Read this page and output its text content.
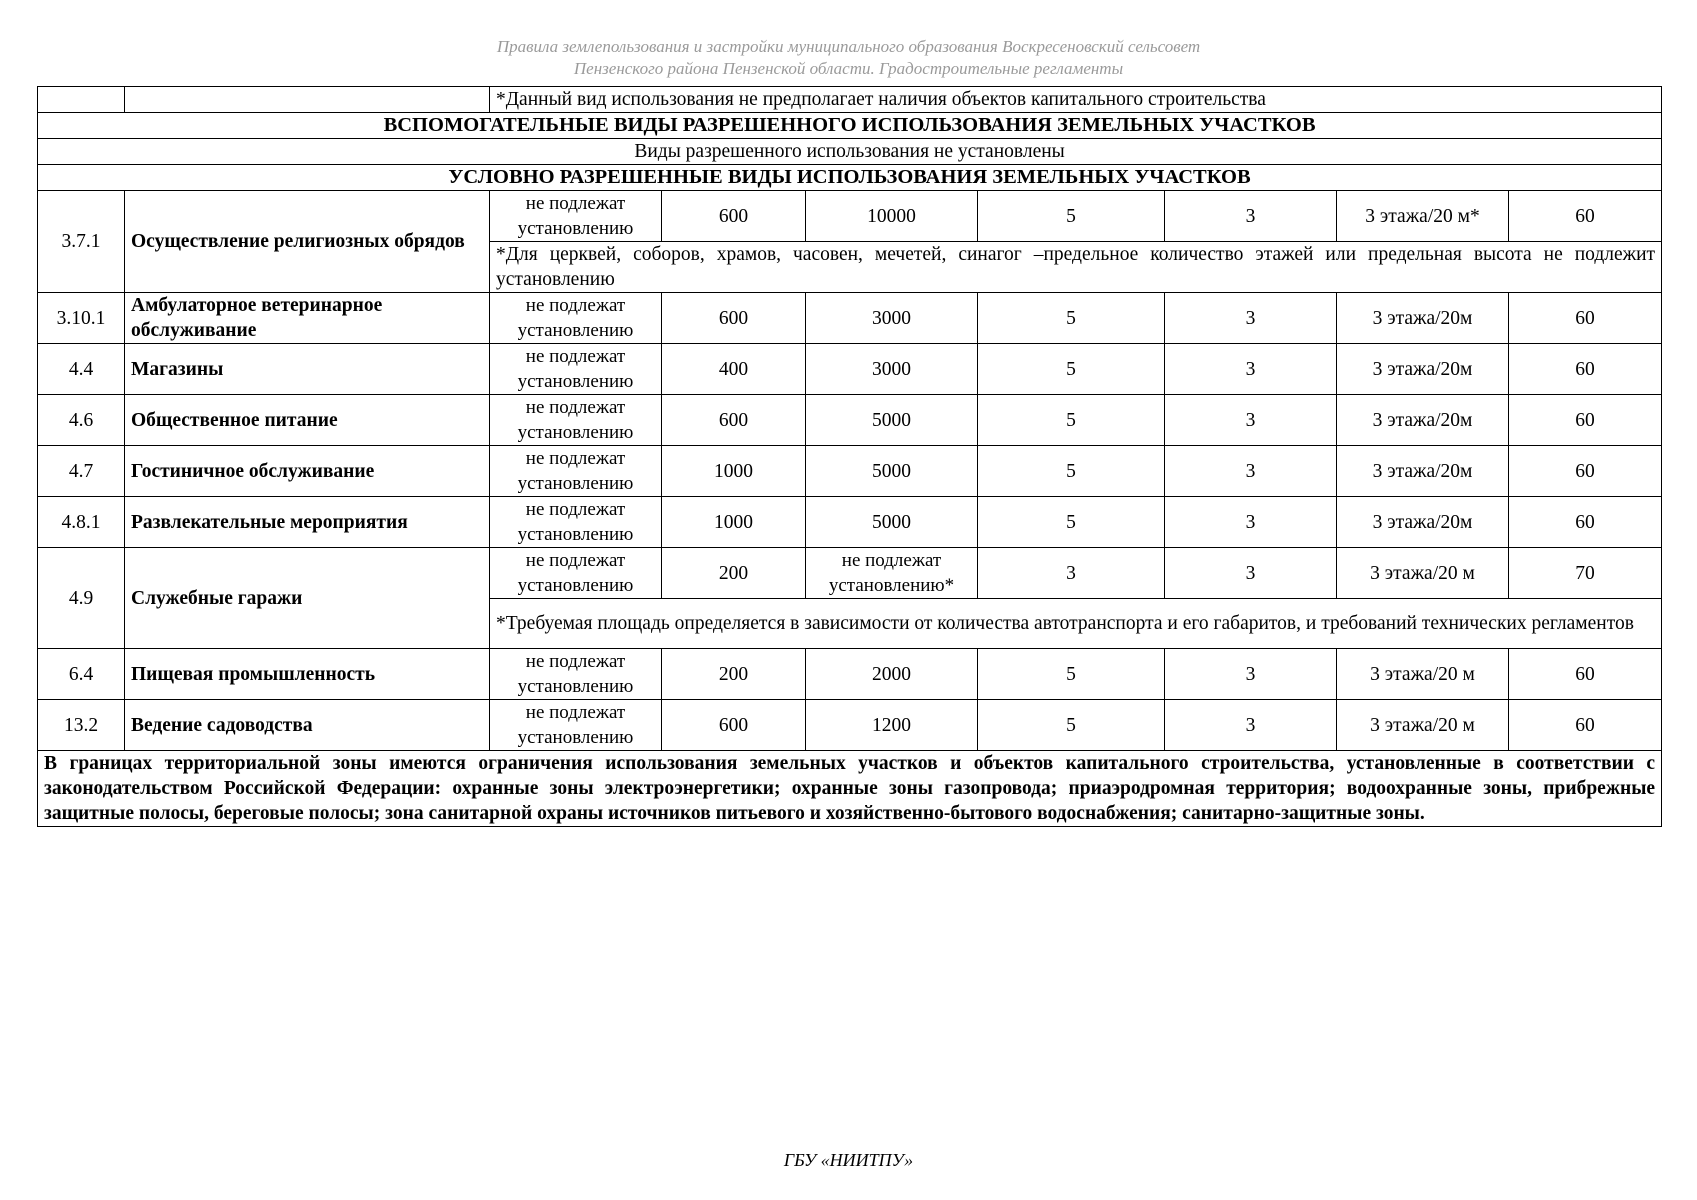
Правила землепользования и застройки муниципального образования Воскресеновский сельсовет
Пензенского района Пензенской области. Градостроительные регламенты
		*Данный вид использования не предполагает наличия объектов капитального строительства						
ВСПОМОГАТЕЛЬНЫЕ ВИДЫ РАЗРЕШЕННОГО ИСПОЛЬЗОВАНИЯ ЗЕМЕЛЬНЫХ УЧАСТКОВ								
Виды разрешенного использования не установлены								
УСЛОВНО РАЗРЕШЕННЫЕ ВИДЫ ИСПОЛЬЗОВАНИЯ ЗЕМЕЛЬНЫХ УЧАСТКОВ								
3.7.1	Осуществление религиозных обрядов	не подлежат установлению	600	10000	5	3	3 этажа/20 м*	60
		*Для церквей, соборов, храмов, часовен, мечетей, синагог –предельное количество этажей или предельная высота не подлежит установлению						
3.10.1	Амбулаторное ветеринарное обслуживание	не подлежат установлению	600	3000	5	3	3 этажа/20м	60
4.4	Магазины	не подлежат установлению	400	3000	5	3	3 этажа/20м	60
4.6	Общественное питание	не подлежат установлению	600	5000	5	3	3 этажа/20м	60
4.7	Гостиничное обслуживание	не подлежат установлению	1000	5000	5	3	3 этажа/20м	60
4.8.1	Развлекательные мероприятия	не подлежат установлению	1000	5000	5	3	3 этажа/20м	60
4.9	Служебные гаражи	не подлежат установлению	200	не подлежат установлению*	3	3	3 этажа/20 м	70
		*Требуемая площадь определяется в зависимости от количества автотранспорта и его габаритов, и требований технических регламентов						
6.4	Пищевая промышленность	не подлежат установлению	200	2000	5	3	3 этажа/20 м	60
13.2	Ведение садоводства	не подлежат установлению	600	1200	5	3	3 этажа/20 м	60
В границах территориальной зоны имеются ограничения использования земельных участков и объектов капитального строительства, установленные в соответствии с законодательством Российской Федерации: охранные зоны электроэнергетики; охранные зоны газопровода; приаэродромная территория; водоохранные зоны, прибрежные защитные полосы, береговые полосы; зона санитарной охраны источников питьевого и хозяйственно-бытового водоснабжения; санитарно-защитные зоны.								
ГБУ «НИИТПУ»
